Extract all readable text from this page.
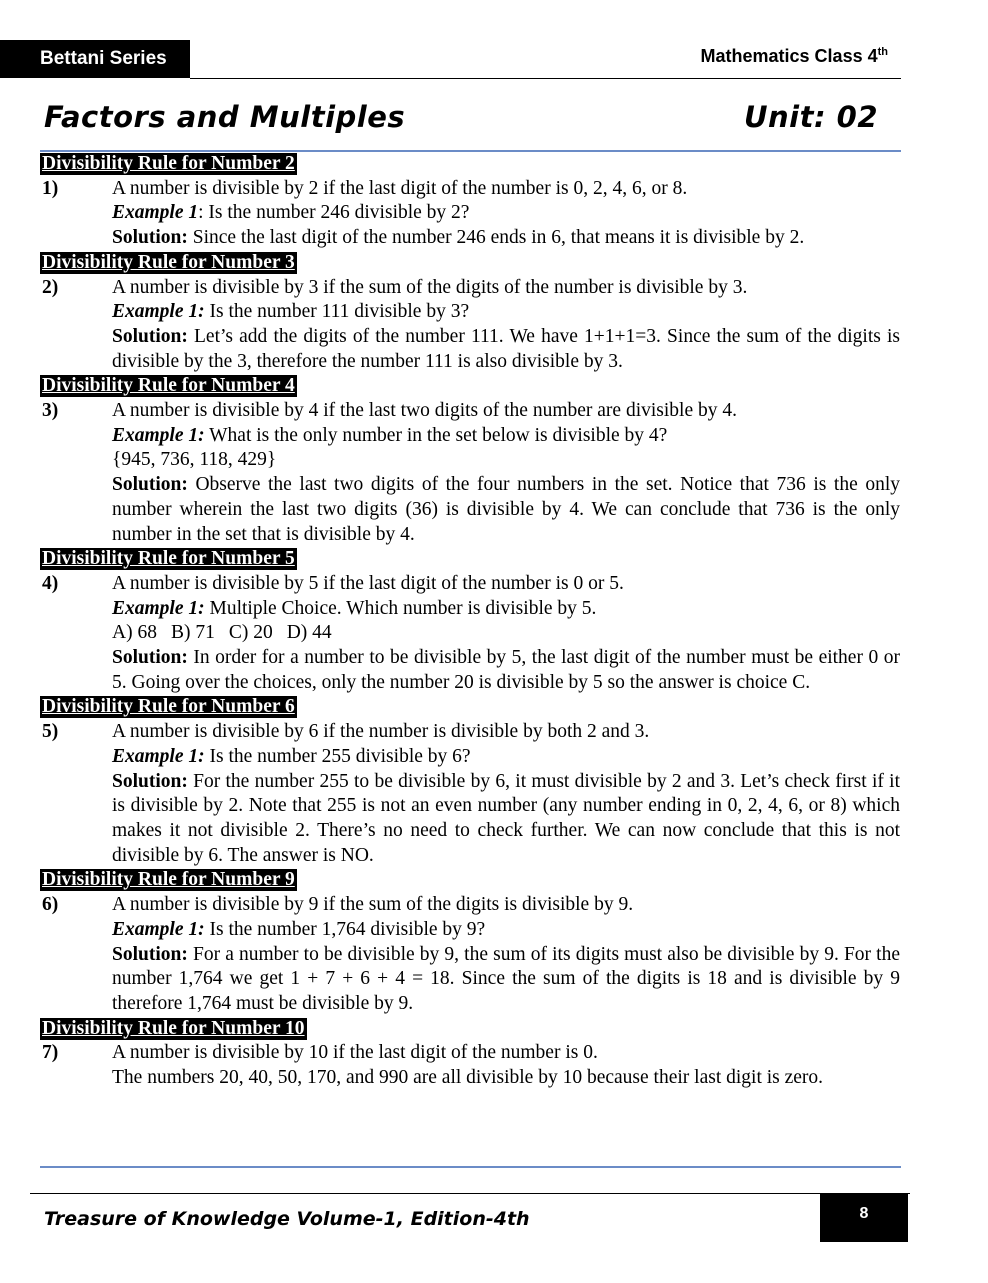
Bettani Series	Mathematics Class 4th
Factors and Multiples	Unit: 02
Divisibility Rule for Number 2
1)	A number is divisible by 2 if the last digit of the number is 0, 2, 4, 6, or 8.
Example 1: Is the number 246 divisible by 2?
Solution: Since the last digit of the number 246 ends in 6, that means it is divisible by 2.
Divisibility Rule for Number 3
2)	A number is divisible by 3 if the sum of the digits of the number is divisible by 3.
Example 1: Is the number 111 divisible by 3?
Solution: Let’s add the digits of the number 111. We have 1+1+1=3. Since the sum of the digits is divisible by the 3, therefore the number 111 is also divisible by 3.
Divisibility Rule for Number 4
3)	A number is divisible by 4 if the last two digits of the number are divisible by 4.
Example 1: What is the only number in the set below is divisible by 4?
{945, 736, 118, 429}
Solution: Observe the last two digits of the four numbers in the set. Notice that 736 is the only number wherein the last two digits (36) is divisible by 4. We can conclude that 736 is the only number in the set that is divisible by 4.
Divisibility Rule for Number 5
4)	A number is divisible by 5 if the last digit of the number is 0 or 5.
Example 1: Multiple Choice. Which number is divisible by 5.
A) 68 B) 71 C) 20 D) 44
Solution: In order for a number to be divisible by 5, the last digit of the number must be either 0 or 5. Going over the choices, only the number 20 is divisible by 5 so the answer is choice C.
Divisibility Rule for Number 6
5)	A number is divisible by 6 if the number is divisible by both 2 and 3.
Example 1: Is the number 255 divisible by 6?
Solution: For the number 255 to be divisible by 6, it must divisible by 2 and 3. Let’s check first if it is divisible by 2. Note that 255 is not an even number (any number ending in 0, 2, 4, 6, or 8) which makes it not divisible 2. There’s no need to check further. We can now conclude that this is not divisible by 6. The answer is NO.
Divisibility Rule for Number 9
6)	A number is divisible by 9 if the sum of the digits is divisible by 9.
Example 1: Is the number 1,764 divisible by 9?
Solution: For a number to be divisible by 9, the sum of its digits must also be divisible by 9. For the number 1,764 we get 1 + 7 + 6 + 4 = 18. Since the sum of the digits is 18 and is divisible by 9 therefore 1,764 must be divisible by 9.
Divisibility Rule for Number 10
7)	A number is divisible by 10 if the last digit of the number is 0.
The numbers 20, 40, 50, 170, and 990 are all divisible by 10 because their last digit is zero.
Treasure of Knowledge Volume-1, Edition-4th	8
